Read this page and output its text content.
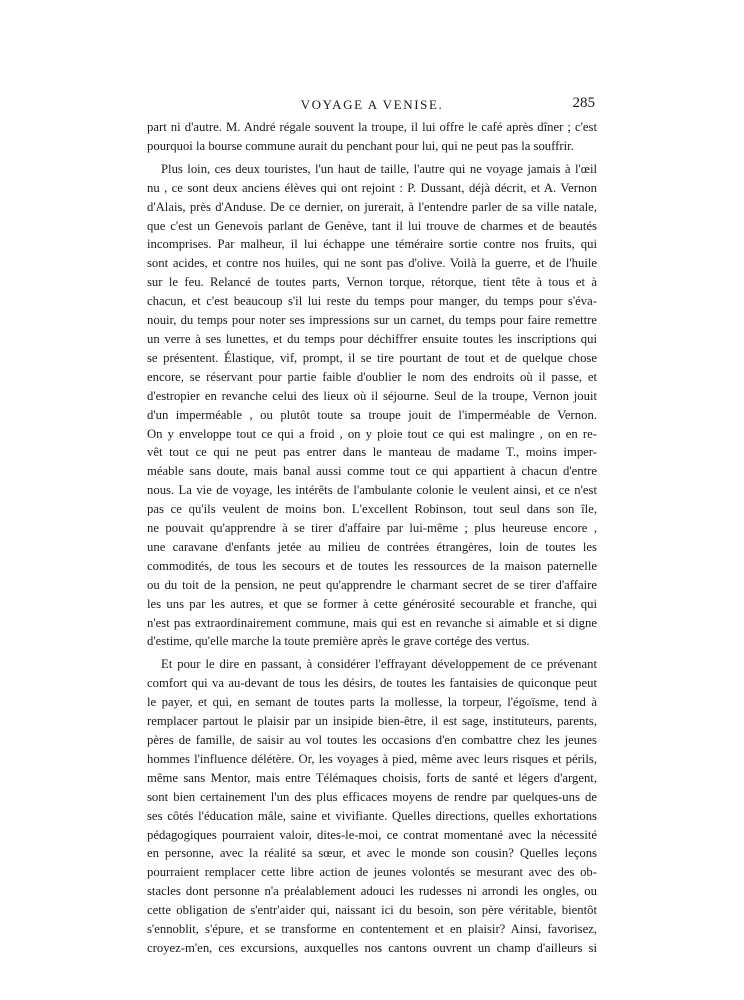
VOYAGE A VENISE.	285
part ni d'autre. M. André régale souvent la troupe, il lui offre le café après dîner ; c'est
pourquoi la bourse commune aurait du penchant pour lui, qui ne peut pas la souffrir.
Plus loin, ces deux touristes, l'un haut de taille, l'autre qui ne voyage jamais à l'œil
nu , ce sont deux anciens élèves qui ont rejoint : P. Dussant, déjà décrit, et A. Vernon
d'Alais, près d'Anduse. De ce dernier, on jurerait, à l'entendre parler de sa ville natale,
que c'est un Genevois parlant de Genève, tant il lui trouve de charmes et de beautés
incomprises. Par malheur, il lui échappe une téméraire sortie contre nos fruits, qui
sont acides, et contre nos huiles, qui ne sont pas d'olive. Voilà la guerre, et de l'huile
sur le feu. Relancé de toutes parts, Vernon torque, rétorque, tient tête à tous et à
chacun, et c'est beaucoup s'il lui reste du temps pour manger, du temps pour s'éva-
nouir, du temps pour noter ses impressions sur un carnet, du temps pour faire remettre
un verre à ses lunettes, et du temps pour déchiffrer ensuite toutes les inscriptions qui
se présentent. Élastique, vif, prompt, il se tire pourtant de tout et de quelque chose
encore, se réservant pour partie faible d'oublier le nom des endroits où il passe, et
d'estropier en revanche celui des lieux où il séjourne. Seul de la troupe, Vernon jouit
d'un imperméable , ou plutôt toute sa troupe jouit de l'imperméable de Vernon.
On y enveloppe tout ce qui a froid , on y ploie tout ce qui est malingre , on en re-
vêt tout ce qui ne peut pas entrer dans le manteau de madame T., moins imper-
méable sans doute, mais banal aussi comme tout ce qui appartient à chacun d'entre
nous. La vie de voyage, les intérêts de l'ambulante colonie le veulent ainsi, et ce n'est
pas ce qu'ils veulent de moins bon. L'excellent Robinson, tout seul dans son île,
ne pouvait qu'apprendre à se tirer d'affaire par lui-même ; plus heureuse encore ,
une caravane d'enfants jetée au milieu de contrées étrangères, loin de toutes les
commodités, de tous les secours et de toutes les ressources de la maison paternelle
ou du toit de la pension, ne peut qu'apprendre le charmant secret de se tirer d'affaire
les uns par les autres, et que se former à cette générosité secourable et franche, qui
n'est pas extraordinairement commune, mais qui est en revanche si aimable et si digne
d'estime, qu'elle marche la toute première après le grave cortége des vertus.
Et pour le dire en passant, à considérer l'effrayant développement de ce prévenant
comfort qui va au-devant de tous les désirs, de toutes les fantaisies de quiconque peut
le payer, et qui, en semant de toutes parts la mollesse, la torpeur, l'égoïsme, tend à
remplacer partout le plaisir par un insipide bien-être, il est sage, instituteurs, parents,
pères de famille, de saisir au vol toutes les occasions d'en combattre chez les jeunes
hommes l'influence délétère. Or, les voyages à pied, même avec leurs risques et périls,
même sans Mentor, mais entre Télémaques choisis, forts de santé et légers d'argent,
sont bien certainement l'un des plus efficaces moyens de rendre par quelques-uns de
ses côtés l'éducation mâle, saine et vivifiante. Quelles directions, quelles exhortations
pédagogiques pourraient valoir, dites-le-moi, ce contrat momentané avec la nécessité
en personne, avec la réalité sa sœur, et avec le monde son cousin? Quelles leçons
pourraient remplacer cette libre action de jeunes volontés se mesurant avec des ob-
stacles dont personne n'a préalablement adouci les rudesses ni arrondi les ongles, ou
cette obligation de s'entr'aider qui, naissant ici du besoin, son père véritable, bientôt
s'ennoblit, s'épure, et se transforme en contentement et en plaisir? Ainsi, favorisez,
croyez-m'en, ces excursions, auxquelles nos cantons ouvrent un champ d'ailleurs si
